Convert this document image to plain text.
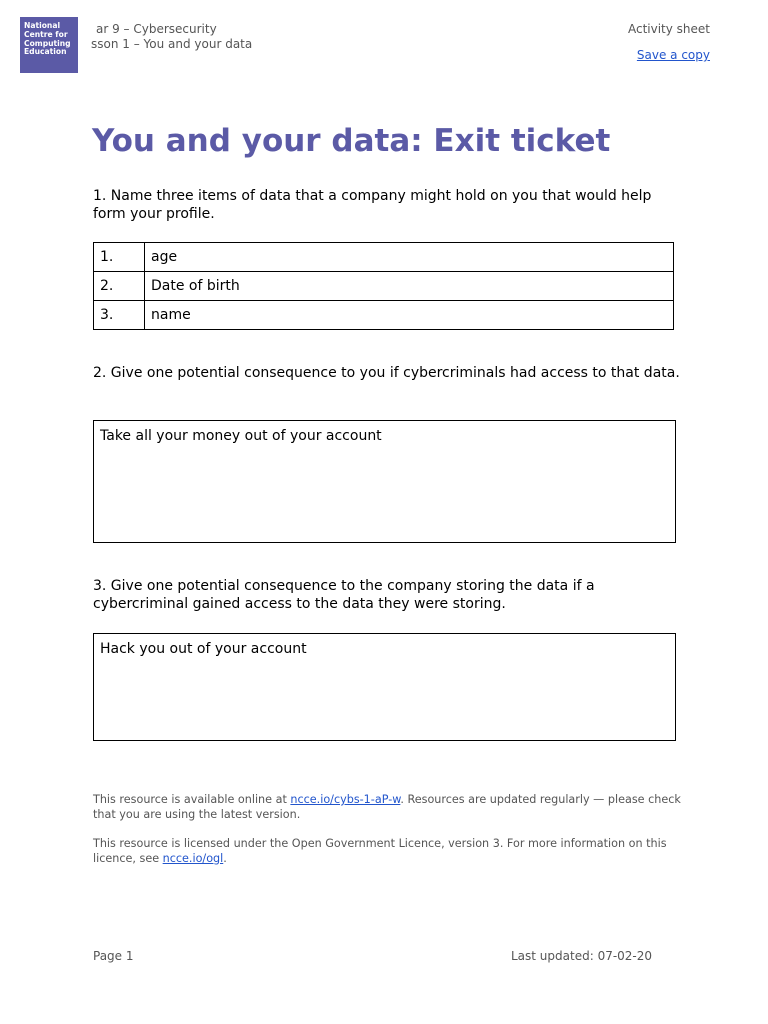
National
Centre for
Computing
Education
ar 9 – Cybersecurity
sson 1 – You and your data
Activity sheet
Save a copy
You and your data: Exit ticket

1. Name three items of data that a company might hold on you that would help form your profile.

1.	age
2.	Date of birth
3.	name

2. Give one potential consequence to you if cybercriminals had access to that data.

Take all your money out of your account

3. Give one potential consequence to the company storing the data if a cybercriminal gained access to the data they were storing.

Hack you out of your account

This resource is available online at ncce.io/cybs-1-aP-w. Resources are updated regularly — please check that you are using the latest version.

This resource is licensed under the Open Government Licence, version 3. For more information on this licence, see ncce.io/ogl.

Page 1	Last updated: 07-02-20
